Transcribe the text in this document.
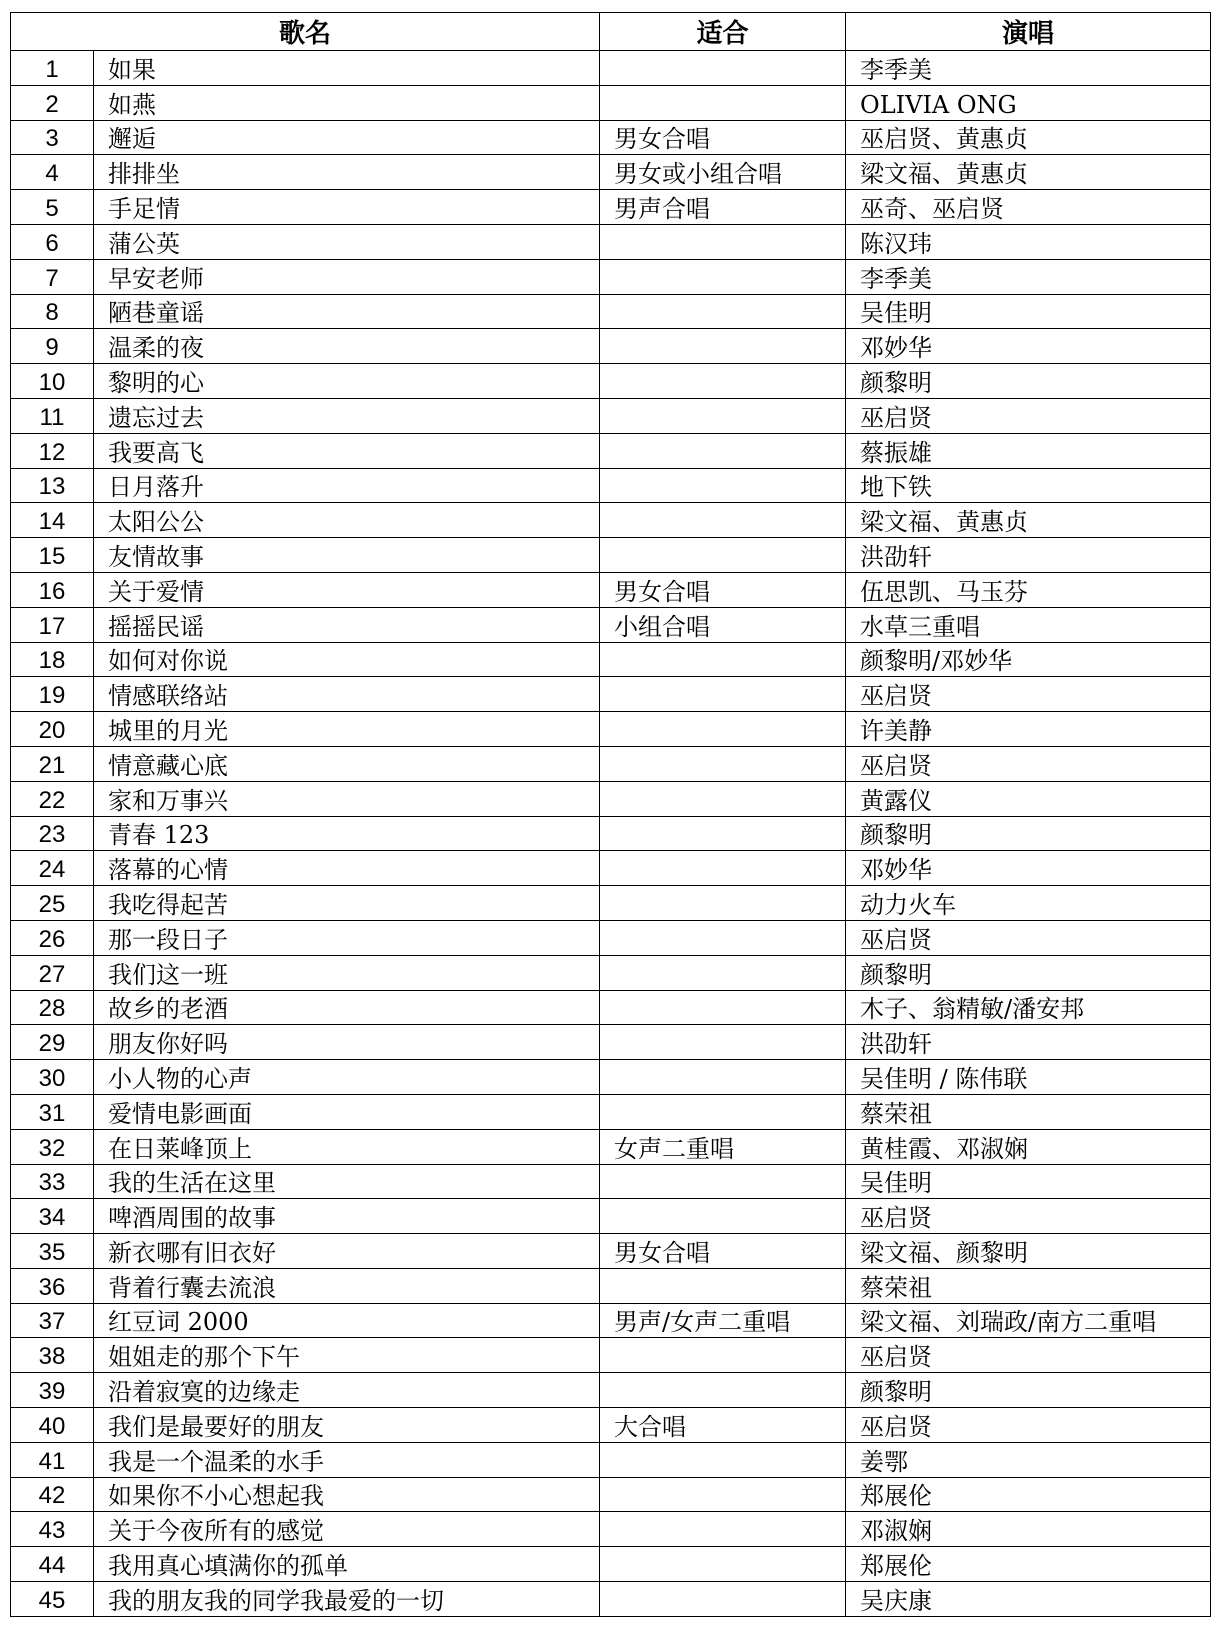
歌名		适合	演唱
1	如果		李季美
2	如燕		OLIVIA ONG
3	邂逅	男女合唱	巫启贤、黄惠贞
4	排排坐	男女或小组合唱	梁文福、黄惠贞
5	手足情	男声合唱	巫奇、巫启贤
6	蒲公英		陈汉玮
7	早安老师		李季美
8	陋巷童谣		吴佳明
9	温柔的夜		邓妙华
10	黎明的心		颜黎明
11	遗忘过去		巫启贤
12	我要高飞		蔡振雄
13	日月落升		地下铁
14	太阳公公		梁文福、黄惠贞
15	友情故事		洪劭轩
16	关于爱情	男女合唱	伍思凯、马玉芬
17	摇摇民谣	小组合唱	水草三重唱
18	如何对你说		颜黎明/邓妙华
19	情感联络站		巫启贤
20	城里的月光		许美静
21	情意藏心底		巫启贤
22	家和万事兴		黄露仪
23	青春 123		颜黎明
24	落幕的心情		邓妙华
25	我吃得起苦		动力火车
26	那一段日子		巫启贤
27	我们这一班		颜黎明
28	故乡的老酒		木子、翁精敏/潘安邦
29	朋友你好吗		洪劭轩
30	小人物的心声		吴佳明 / 陈伟联
31	爱情电影画面		蔡荣祖
32	在日莱峰顶上	女声二重唱	黄桂霞、邓淑娴
33	我的生活在这里		吴佳明
34	啤酒周围的故事		巫启贤
35	新衣哪有旧衣好	男女合唱	梁文福、颜黎明
36	背着行囊去流浪		蔡荣祖
37	红豆词 2000	男声/女声二重唱	梁文福、刘瑞政/南方二重唱
38	姐姐走的那个下午		巫启贤
39	沿着寂寞的边缘走		颜黎明
40	我们是最要好的朋友	大合唱	巫启贤
41	我是一个温柔的水手		姜鄂
42	如果你不小心想起我		郑展伦
43	关于今夜所有的感觉		邓淑娴
44	我用真心填满你的孤单		郑展伦
45	我的朋友我的同学我最爱的一切		吴庆康
